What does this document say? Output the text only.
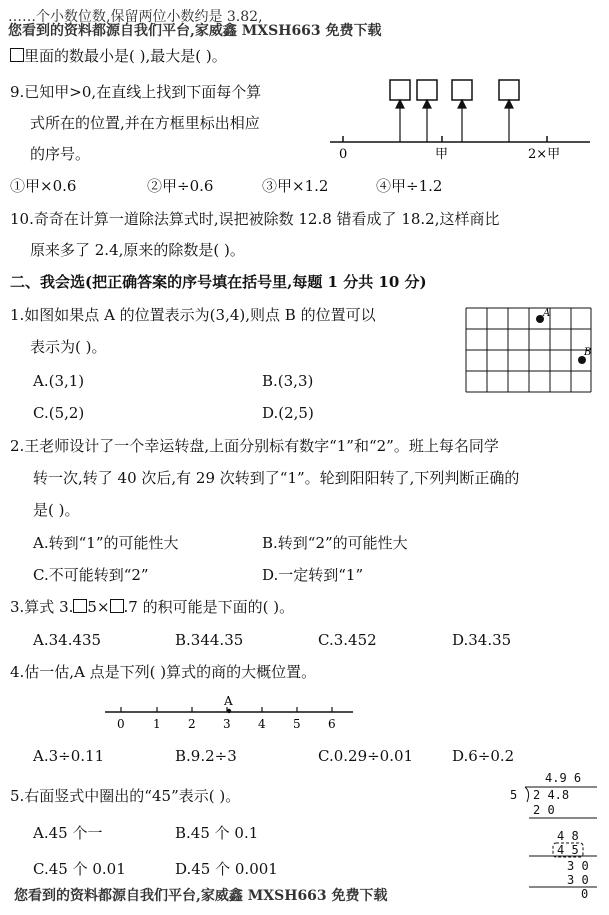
……个小数位数,保留两位小数约是 3.82,
您看到的资料都源自我们平台,家威鑫 MXSH663 免费下载
里面的数最小是( ),最大是( )。
9.已知甲>0,在直线上找到下面每个算
式所在的位置,并在方框里标出相应
的序号。	0	甲	2×甲
①甲×0.6	②甲÷0.6	③甲×1.2	④甲÷1.2
10.奇奇在计算一道除法算式时,误把被除数 12.8 错看成了 18.2,这样商比
原来多了 2.4,原来的除数是( )。
二、我会选(把正确答案的序号填在括号里,每题 1 分共 10 分)
1.如图如果点 A 的位置表示为(3,4),则点 B 的位置可以
表示为( )。
A.(3,1)	B.(3,3)
C.(5,2)	D.(2,5)
A
B
2.王老师设计了一个幸运转盘,上面分别标有数字“1”和“2”。班上每名同学
转一次,转了 40 次后,有 29 次转到了“1”。轮到阳阳转了,下列判断正确的
是( )。
A.转到“1”的可能性大	B.转到“2”的可能性大
C.不可能转到“2”	D.一定转到“1”
3.算式 3. 5× .7 的积可能是下面的( )。
A.34.435	B.344.35	C.3.452	D.34.35
4.估一估,A 点是下列( )算式的商的大概位置。
A
0 1 2 3 4 5 6
A.3÷0.11	B.9.2÷3	C.0.29÷0.01	D.6÷0.2
5.右面竖式中圈出的“45”表示( )。
A.45 个一	B.45 个 0.1
C.45 个 0.01	D.45 个 0.001
4.9 6
5 2 4.8
2 0
4 8
4 5
3 0
3 0
0
您看到的资料都源自我们平台,家威鑫 MXSH663 免费下载
